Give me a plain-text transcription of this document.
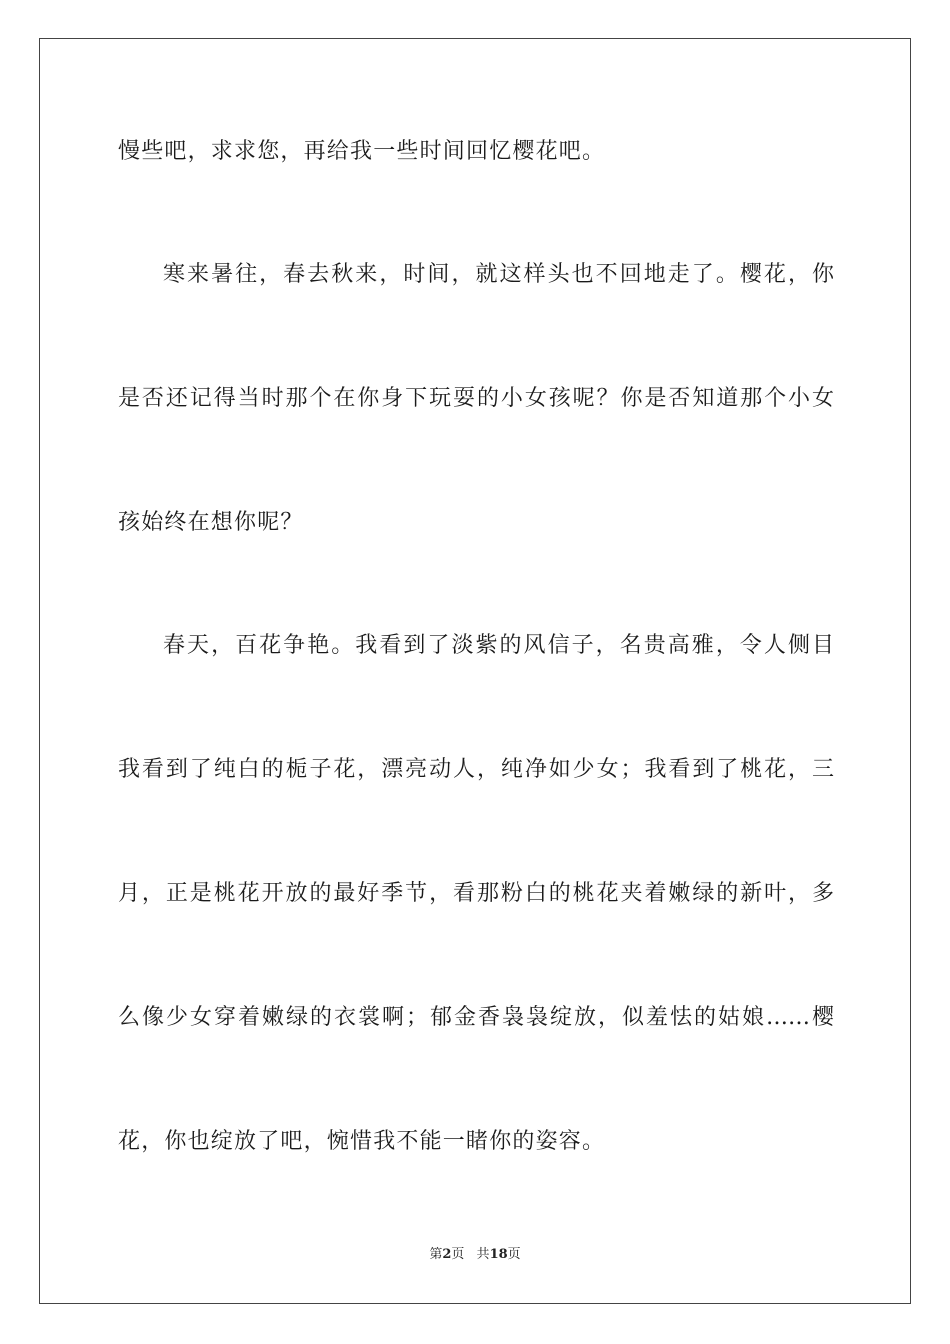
慢些吧，求求您，再给我一些时间回忆樱花吧。
寒来暑往，春去秋来，时间，就这样头也不回地走了。樱花，你
是否还记得当时那个在你身下玩耍的小女孩呢？你是否知道那个小女
孩始终在想你呢？
春天，百花争艳。我看到了淡紫的风信子，名贵高雅，令人侧目
我看到了纯白的栀子花，漂亮动人，纯净如少女；我看到了桃花，三
月，正是桃花开放的最好季节，看那粉白的桃花夹着嫩绿的新叶，多
么像少女穿着嫩绿的衣裳啊；郁金香袅袅绽放，似羞怯的姑娘……樱
花，你也绽放了吧，惋惜我不能一睹你的姿容。
第2页 共18页
